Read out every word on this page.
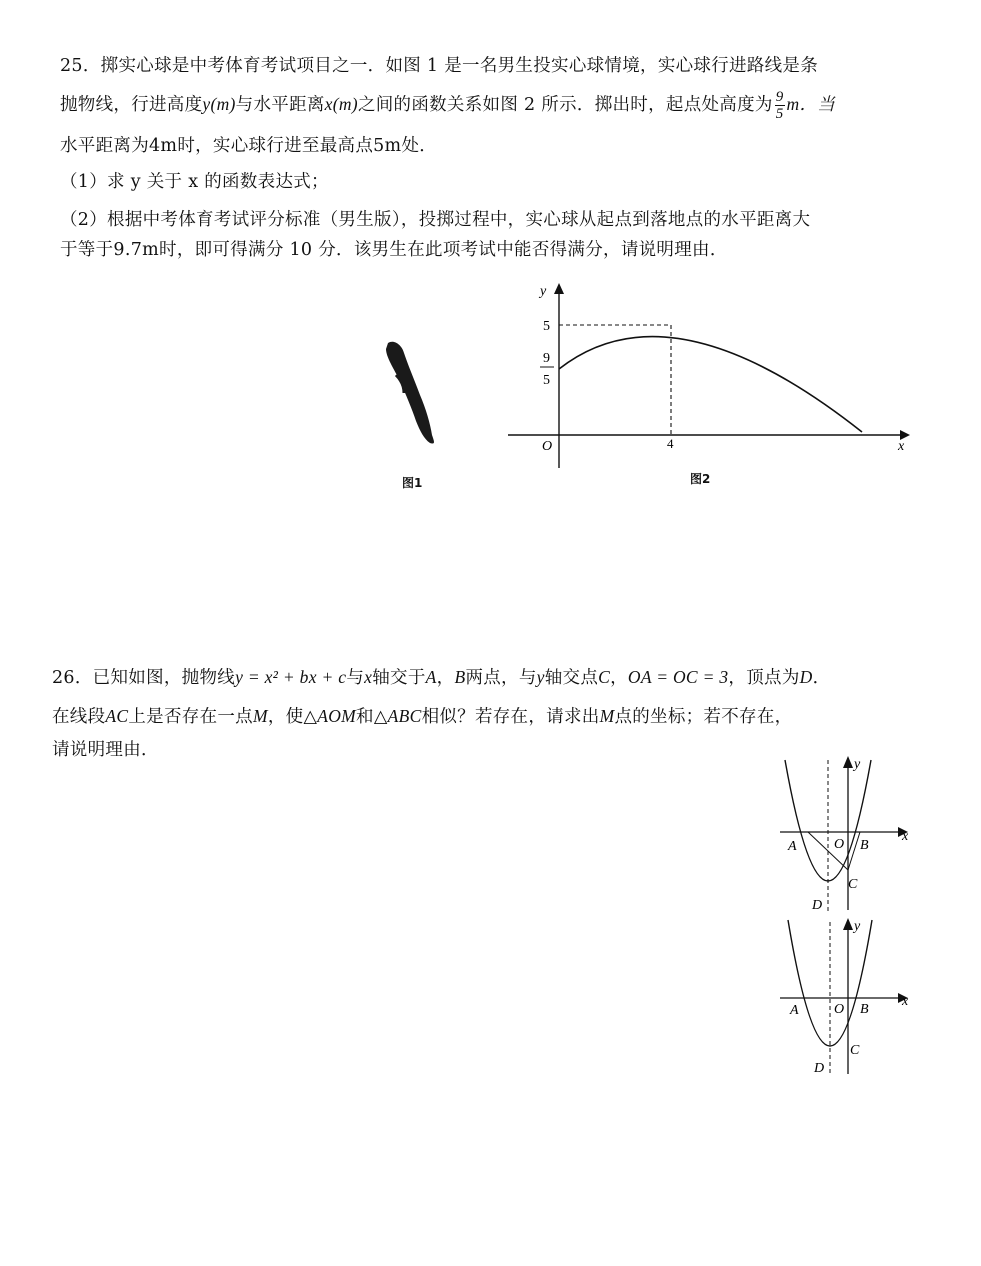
25．掷实心球是中考体育考试项目之一．如图 1 是一名男生投实心球情境，实心球行进路线是条
抛物线，行进高度y(m)与水平距离x(m)之间的函数关系如图 2 所示．掷出时，起点处高度为 $\frac{9}{5}$ m．当
水平距离为4m时，实心球行进至最高点5m处．
（1）求 y 关于 x 的函数表达式；
（2）根据中考体育考试评分标准（男生版），投掷过程中，实心球从起点到落地点的水平距离大
于等于9.7m时，即可得满分 10 分．该男生在此项考试中能否得满分，请说明理由．
图1
y
x
O
5
9
5
4
图2
26．已知如图，抛物线y = x² + bx + c与x轴交于A，B两点，与y轴交点C，OA = OC = 3，顶点为D．
在线段AC上是否存在一点M，使△AOM和△ABC相似？若存在，请求出M点的坐标；若不存在，
请说明理由．
y
x
A	O B
C
D
y
x
A	O B
C
D
